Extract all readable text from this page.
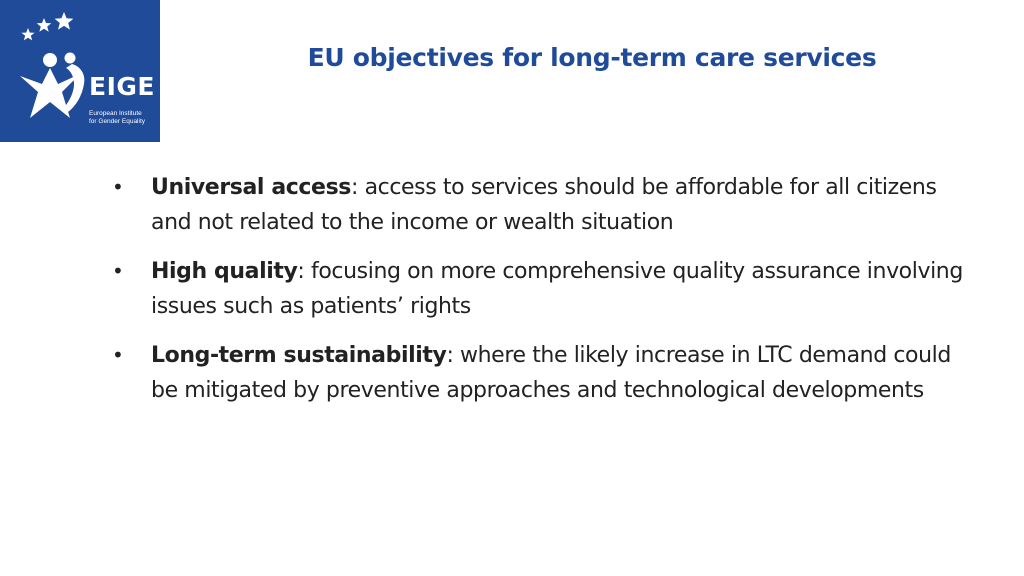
EIGE
European Institute
for Gender Equality
EU objectives for long-term care services
•	Universal access: access to services should be affordable for all citizens and not related to the income or wealth situation
•	High quality: focusing on more comprehensive quality assurance involving issues such as patients’ rights
•	Long-term sustainability: where the likely increase in LTC demand could be mitigated by preventive approaches and technological developments
